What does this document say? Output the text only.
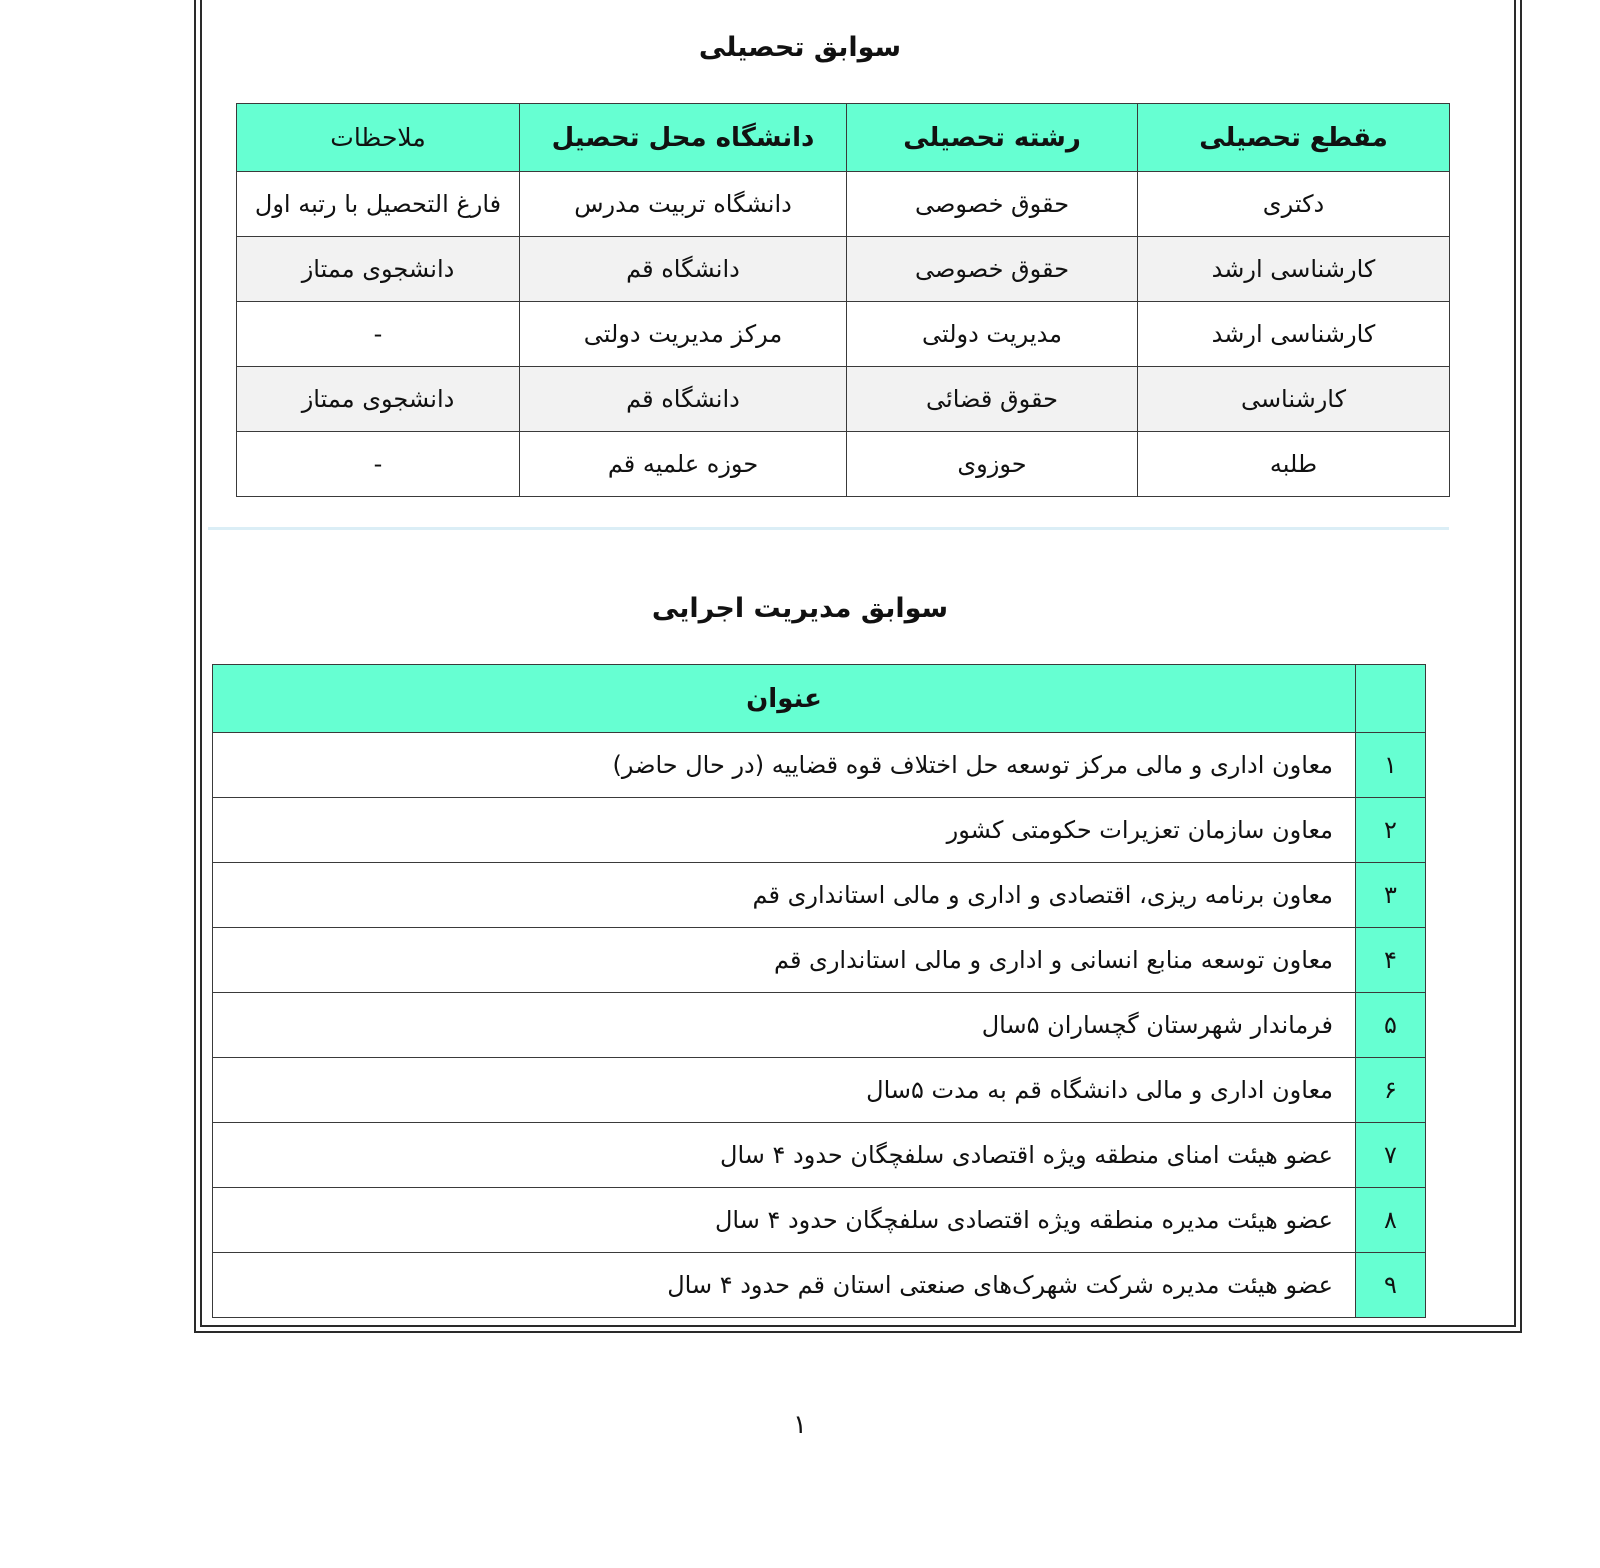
سوابق تحصیلی
مقطع تحصیلی	رشته تحصیلی	دانشگاه محل تحصیل	ملاحظات
دکتری	حقوق خصوصی	دانشگاه تربیت مدرس	فارغ التحصیل با رتبه اول
کارشناسی ارشد	حقوق خصوصی	دانشگاه قم	دانشجوی ممتاز
کارشناسی ارشد	مدیریت دولتی	مرکز مدیریت دولتی	-
کارشناسی	حقوق قضائی	دانشگاه قم	دانشجوی ممتاز
طلبه	حوزوی	حوزه علمیه قم	-
سوابق مدیریت اجرایی
	عنوان
۱	معاون اداری و مالی مرکز توسعه حل اختلاف قوه قضاییه (در حال حاضر)
۲	معاون سازمان تعزیرات حکومتی کشور
۳	معاون برنامه ریزی، اقتصادی و اداری و مالی استانداری قم
۴	معاون توسعه منابع انسانی و اداری و مالی استانداری قم
۵	فرماندار شهرستان گچساران ۵سال
۶	معاون اداری و مالی دانشگاه قم به مدت ۵سال
۷	عضو هیئت امنای منطقه ویژه اقتصادی سلفچگان حدود ۴ سال
۸	عضو هیئت مدیره منطقه ویژه اقتصادی سلفچگان حدود ۴ سال
۹	عضو هیئت مدیره شرکت شهرک‌های صنعتی استان قم حدود ۴ سال
۱
